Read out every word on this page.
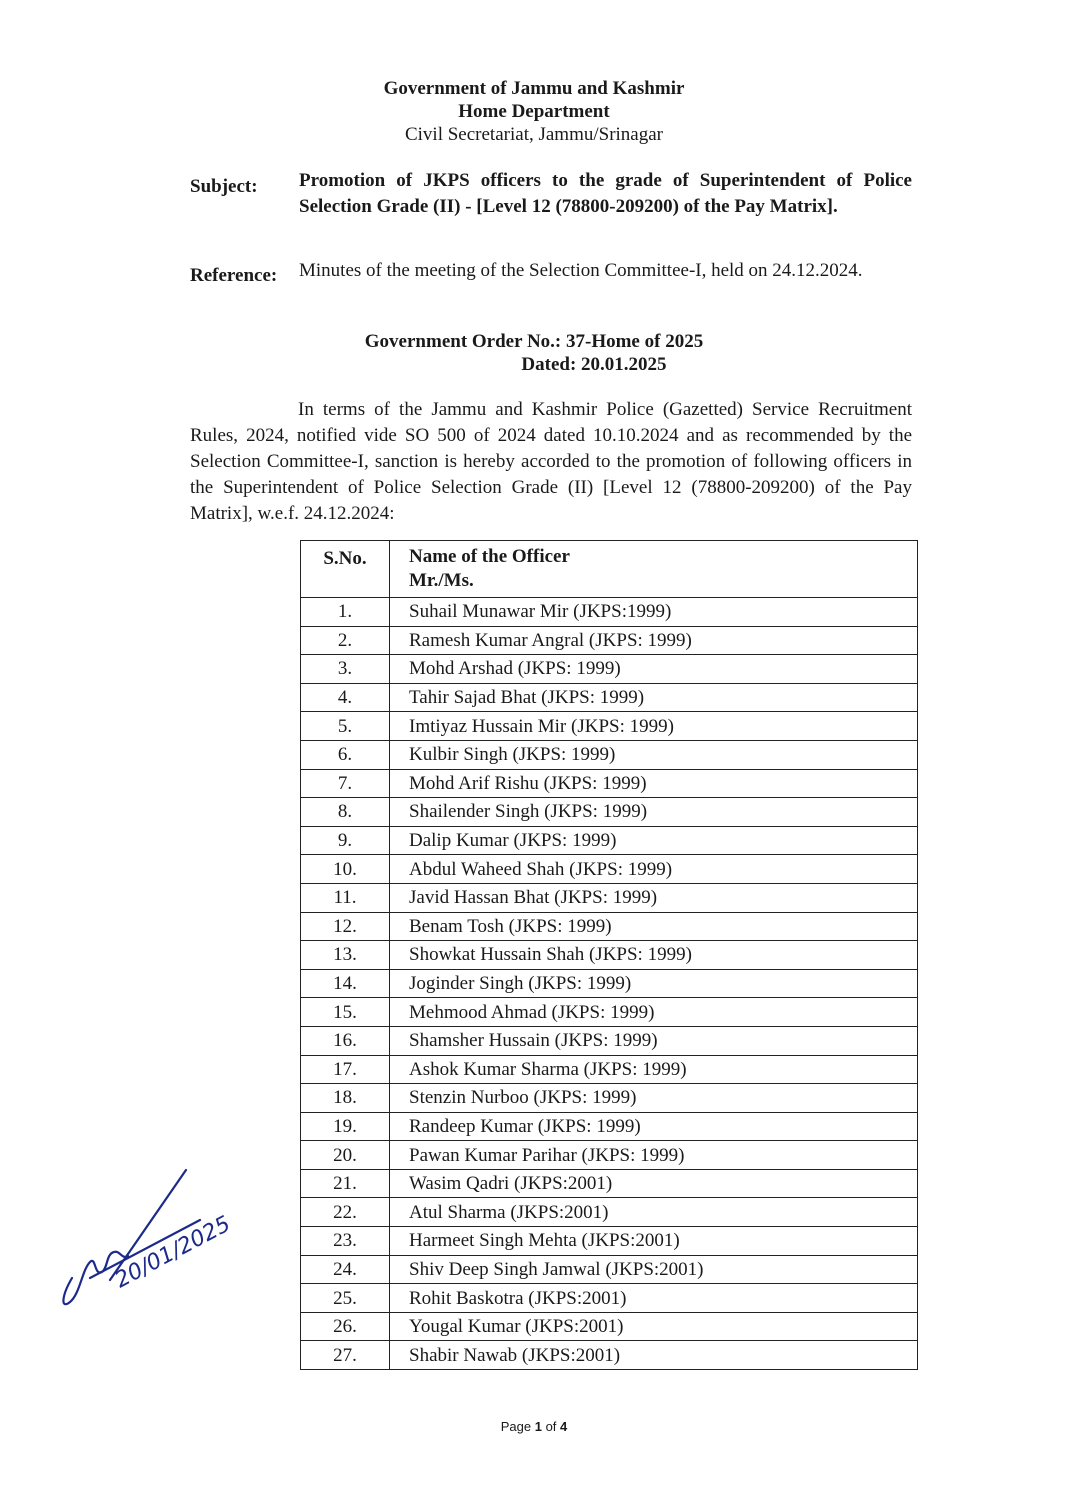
Government of Jammu and Kashmir
Home Department
Civil Secretariat, Jammu/Srinagar
Subject: Promotion of JKPS officers to the grade of Superintendent of Police Selection Grade (II) - [Level 12 (78800-209200) of the Pay Matrix].
Reference: Minutes of the meeting of the Selection Committee-I, held on 24.12.2024.
Government Order No.: 37-Home of 2025
Dated: 20.01.2025
In terms of the Jammu and Kashmir Police (Gazetted) Service Recruitment Rules, 2024, notified vide SO 500 of 2024 dated 10.10.2024 and as recommended by the Selection Committee-I, sanction is hereby accorded to the promotion of following officers in the Superintendent of Police Selection Grade (II) [Level 12 (78800-209200) of the Pay Matrix], w.e.f. 24.12.2024:
S.No.	Name of the Officer
Mr./Ms.

1.	Suhail Munawar Mir (JKPS:1999)
2.	Ramesh Kumar Angral (JKPS: 1999)
3.	Mohd Arshad (JKPS: 1999)
4.	Tahir Sajad Bhat (JKPS: 1999)
5.	Imtiyaz Hussain Mir (JKPS: 1999)
6.	Kulbir Singh (JKPS: 1999)
7.	Mohd Arif Rishu (JKPS: 1999)
8.	Shailender Singh (JKPS: 1999)
9.	Dalip Kumar (JKPS: 1999)
10.	Abdul Waheed Shah (JKPS: 1999)
11.	Javid Hassan Bhat (JKPS: 1999)
12.	Benam Tosh (JKPS: 1999)
13.	Showkat Hussain Shah (JKPS: 1999)
14.	Joginder Singh (JKPS: 1999)
15.	Mehmood Ahmad (JKPS: 1999)
16.	Shamsher Hussain (JKPS: 1999)
17.	Ashok Kumar Sharma (JKPS: 1999)
18.	Stenzin Nurboo (JKPS: 1999)
19.	Randeep Kumar (JKPS: 1999)
20.	Pawan Kumar Parihar (JKPS: 1999)
21.	Wasim Qadri (JKPS:2001)
22.	Atul Sharma (JKPS:2001)
23.	Harmeet Singh Mehta (JKPS:2001)
24.	Shiv Deep Singh Jamwal (JKPS:2001)
25.	Rohit Baskotra (JKPS:2001)
26.	Yougal Kumar (JKPS:2001)
27.	Shabir Nawab (JKPS:2001)
20/01/2025
Page 1 of 4
